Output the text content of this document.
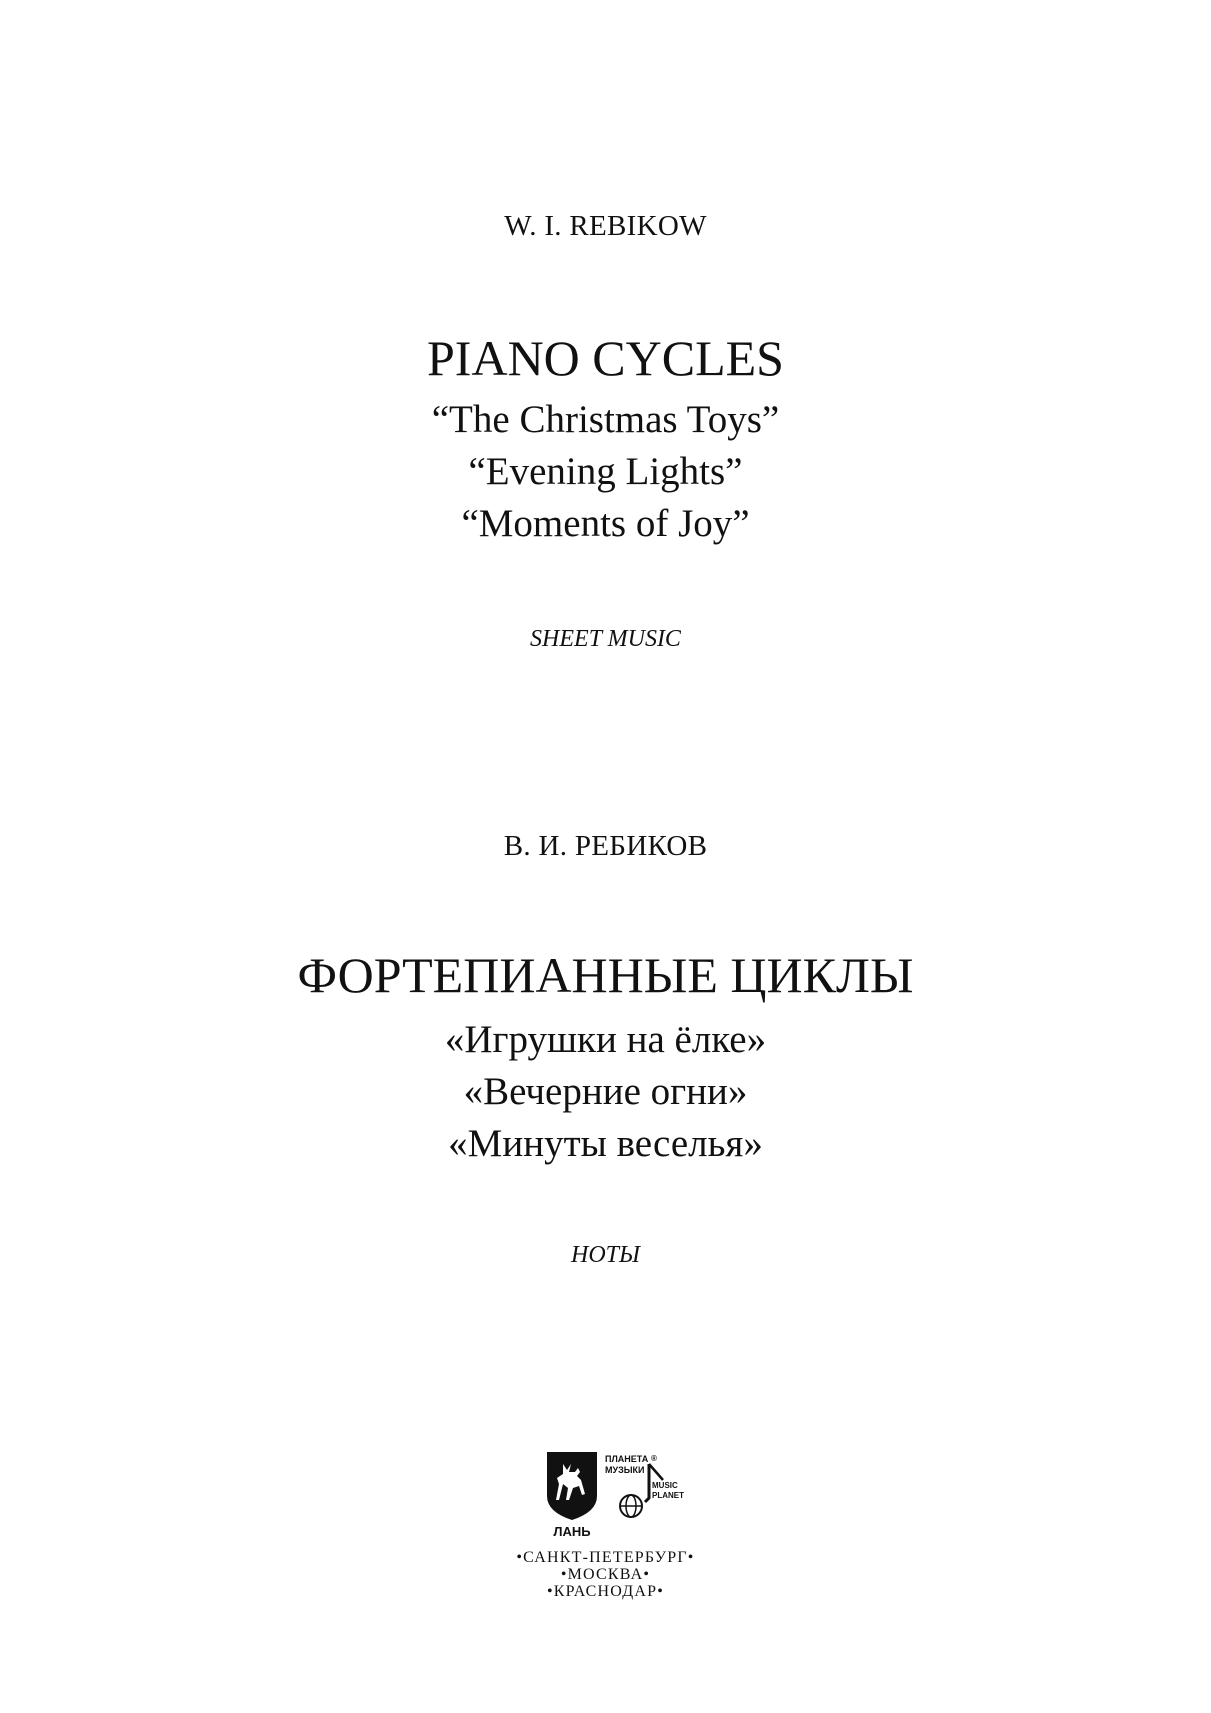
W. I. REBIKOW
PIANO CYCLES
“The Christmas Toys”
“Evening Lights”
“Moments of Joy”
SHEET MUSIC
В. И. РЕБИКОВ
ФОРТЕПИАННЫЕ ЦИКЛЫ
«Игрушки на ёлке»
«Вечерние огни»
«Минуты веселья»
НОТЫ
ЛАНЬ
ПЛАНЕТА
МУЗЫКИ
®
MUSIC
PLANET
•САНКТ-ПЕТЕРБУРГ•
•МОСКВА•
•КРАСНОДАР•
